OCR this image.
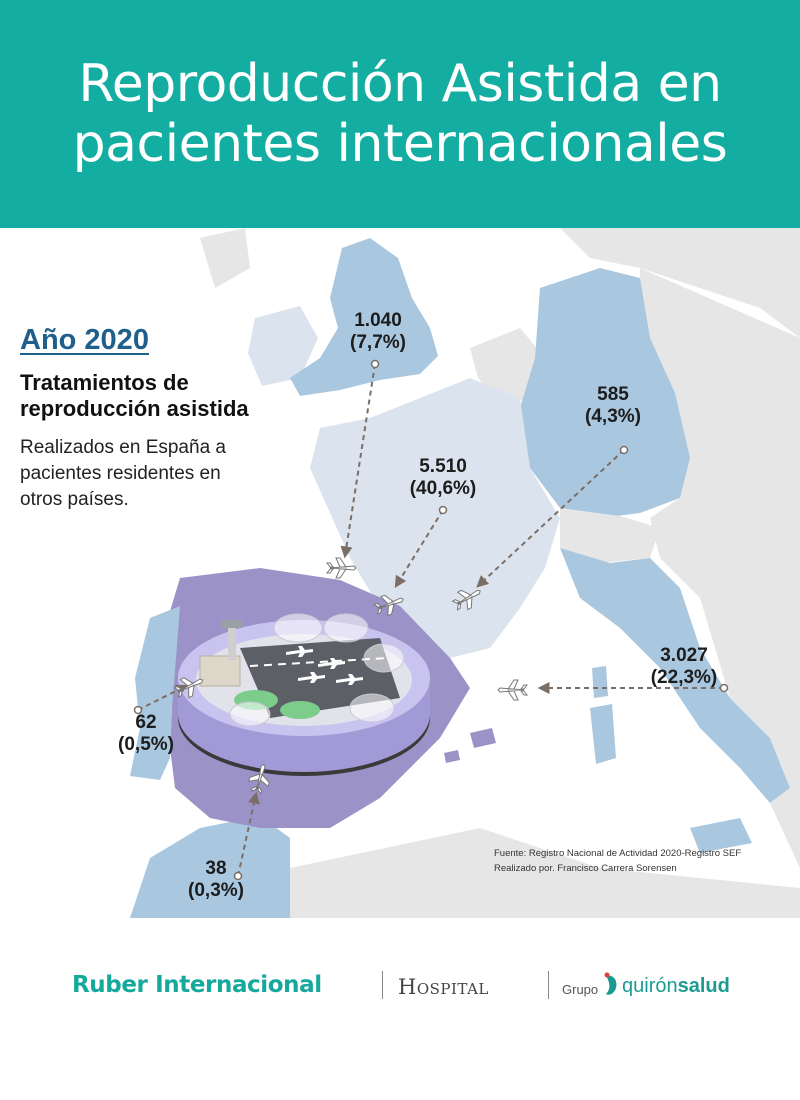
Reproducción Asistida en
pacientes internacionales
Año 2020
Tratamientos de
reproducción asistida
Realizados en España a
pacientes residentes en
otros países.
1.040
(7,7%)
5.510
(40,6%)
585
(4,3%)
3.027
(22,3%)
62
(0,5%)
38
(0,3%)
Fuente: Registro Nacional de Actividad 2020-Registro SEF
Realizado por. Francisco Carrera Sorensen
Ruber Internacional	Hospital	Grupo quirónsalud
